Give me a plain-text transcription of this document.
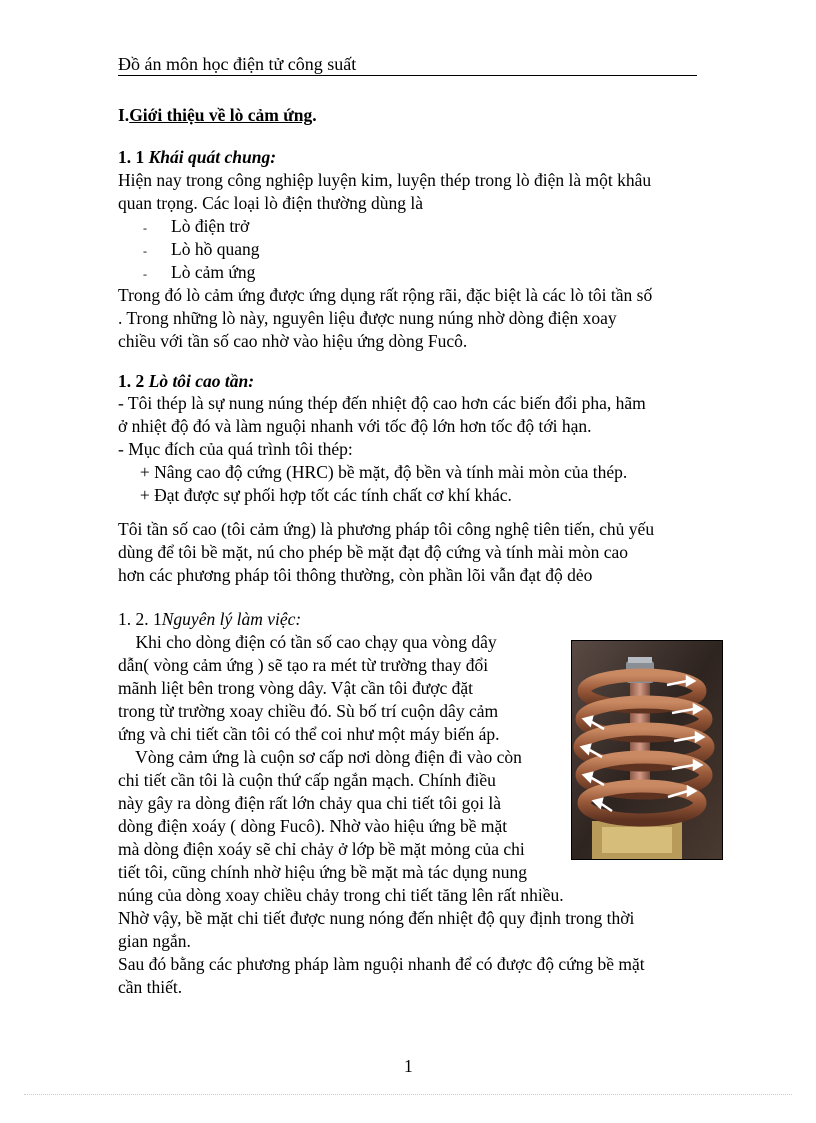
Đồ án môn học điện tử công suất
I.Giới thiệu về lò cảm ứng.
1. 1 Khái quát chung:
Hiện nay trong công nghiệp luyện kim, luyện thép trong lò điện là một khâu
quan trọng. Các loại lò điện thường dùng là
- Lò điện trở
- Lò hồ quang
- Lò cảm ứng
Trong đó lò cảm ứng được ứng dụng rất rộng rãi, đặc biệt là các lò tôi tần số
. Trong những lò này, nguyên liệu được nung núng nhờ dòng điện xoay
chiều với tần số cao nhờ vào hiệu ứng dòng Fucô.
1. 2 Lò tôi cao tần:
- Tôi thép là sự nung núng thép đến nhiệt độ cao hơn các biến đổi pha, hãm
ở nhiệt độ đó và làm nguội nhanh với tốc độ lớn hơn tốc độ tới hạn.
- Mục đích của quá trình tôi thép:
+ Nâng cao độ cứng (HRC) bề mặt, độ bền và tính mài mòn của thép.
+ Đạt được sự phối hợp tốt các tính chất cơ khí khác.
Tôi tần số cao (tôi cảm ứng) là phương pháp tôi công nghệ tiên tiến, chủ yếu
dùng để tôi bề mặt, nú cho phép bề mặt đạt độ cứng và tính mài mòn cao
hơn các phương pháp tôi thông thường, còn phần lõi vẫn đạt độ dẻo
1. 2. 1Nguyên lý làm việc:
Khi cho dòng điện có tần số cao chạy qua vòng dây
dẫn( vòng cảm ứng ) sẽ tạo ra mét từ trường thay đổi
mãnh liệt bên trong vòng dây. Vật cần tôi được đặt
trong từ trường xoay chiều đó. Sù bố trí cuộn dây cảm
ứng và chi tiết cần tôi có thể coi như một máy biến áp.
Vòng cảm ứng là cuộn sơ cấp nơi dòng điện đi vào còn
chi tiết cần tôi là cuộn thứ cấp ngắn mạch. Chính điều
này gây ra dòng điện rất lớn chảy qua chi tiết tôi gọi là
dòng điện xoáy ( dòng Fucô). Nhờ vào hiệu ứng bề mặt
mà dòng điện xoáy sẽ chỉ chảy ở lớp bề mặt mỏng của chi
tiết tôi, cũng chính nhờ hiệu ứng bề mặt mà tác dụng nung
núng của dòng xoay chiều chảy trong chi tiết tăng lên rất nhiều.
Nhờ vậy, bề mặt chi tiết được nung nóng đến nhiệt độ quy định trong thời
gian ngắn.
Sau đó bằng các phương pháp làm nguội nhanh để có được độ cứng bề mặt
cần thiết.
1
